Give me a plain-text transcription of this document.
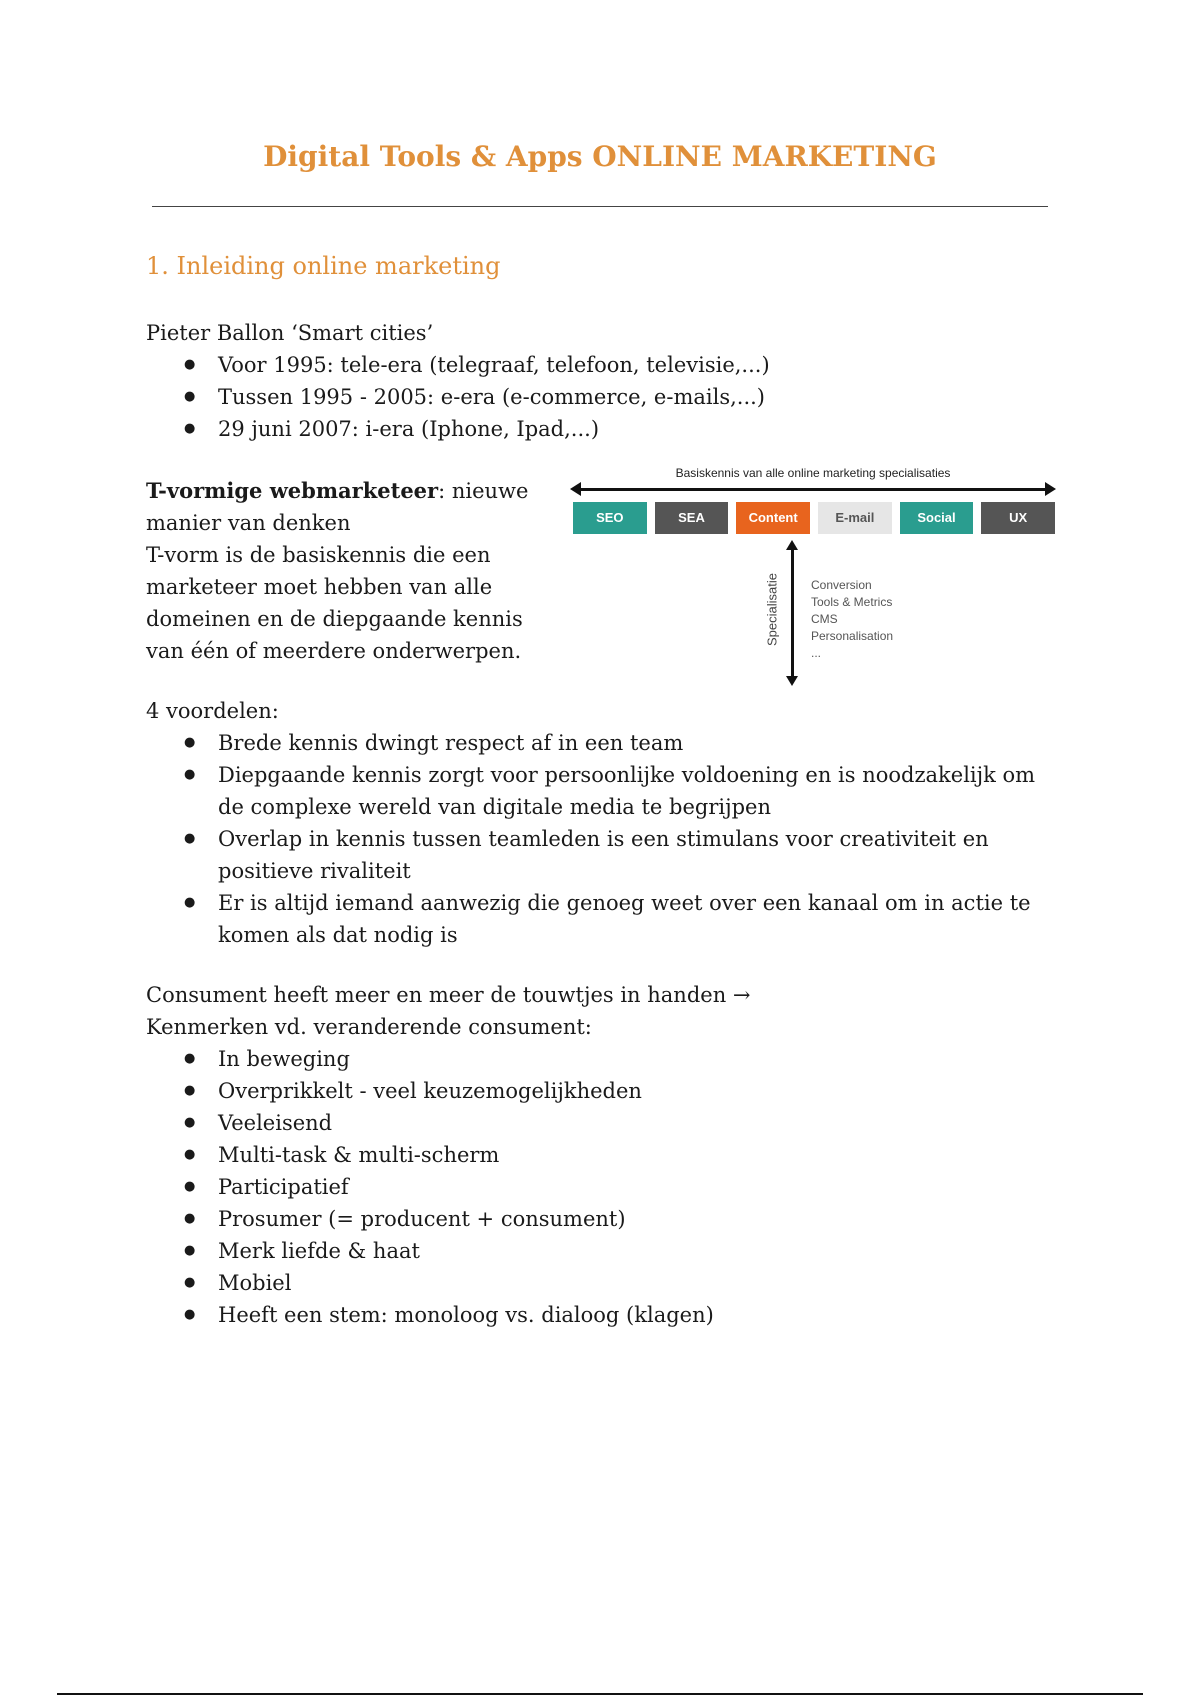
Digital Tools & Apps ONLINE MARKETING
1. Inleiding online marketing

Pieter Ballon ‘Smart cities’

● Voor 1995: tele-era (telegraaf, telefoon, televisie,...)
● Tussen 1995 - 2005: e-era (e-commerce, e-mails,...)
● 29 juni 2007: i-era (Iphone, Ipad,...)

T-vormige webmarketeer: nieuwe manier van denken
T-vorm is de basiskennis die een marketeer moet hebben van alle domeinen en de diepgaande kennis van één of meerdere onderwerpen.

Basiskennis van alle online marketing specialisaties
SEO	SEA	Content	E-mail	Social	UX
Specialisatie	Conversion
Tools & Metrics
CMS
Personalisation
...

4 voordelen:

● Brede kennis dwingt respect af in een team
● Diepgaande kennis zorgt voor persoonlijke voldoening en is noodzakelijk om de complexe wereld van digitale media te begrijpen
● Overlap in kennis tussen teamleden is een stimulans voor creativiteit en positieve rivaliteit
● Er is altijd iemand aanwezig die genoeg weet over een kanaal om in actie te komen als dat nodig is

Consument heeft meer en meer de touwtjes in handen →

Kenmerken vd. veranderende consument:

● In beweging
● Overprikkelt - veel keuzemogelijkheden
● Veeleisend
● Multi-task & multi-scherm
● Participatief
● Prosumer (= producent + consument)
● Merk liefde & haat
● Mobiel
● Heeft een stem: monoloog vs. dialoog (klagen)
